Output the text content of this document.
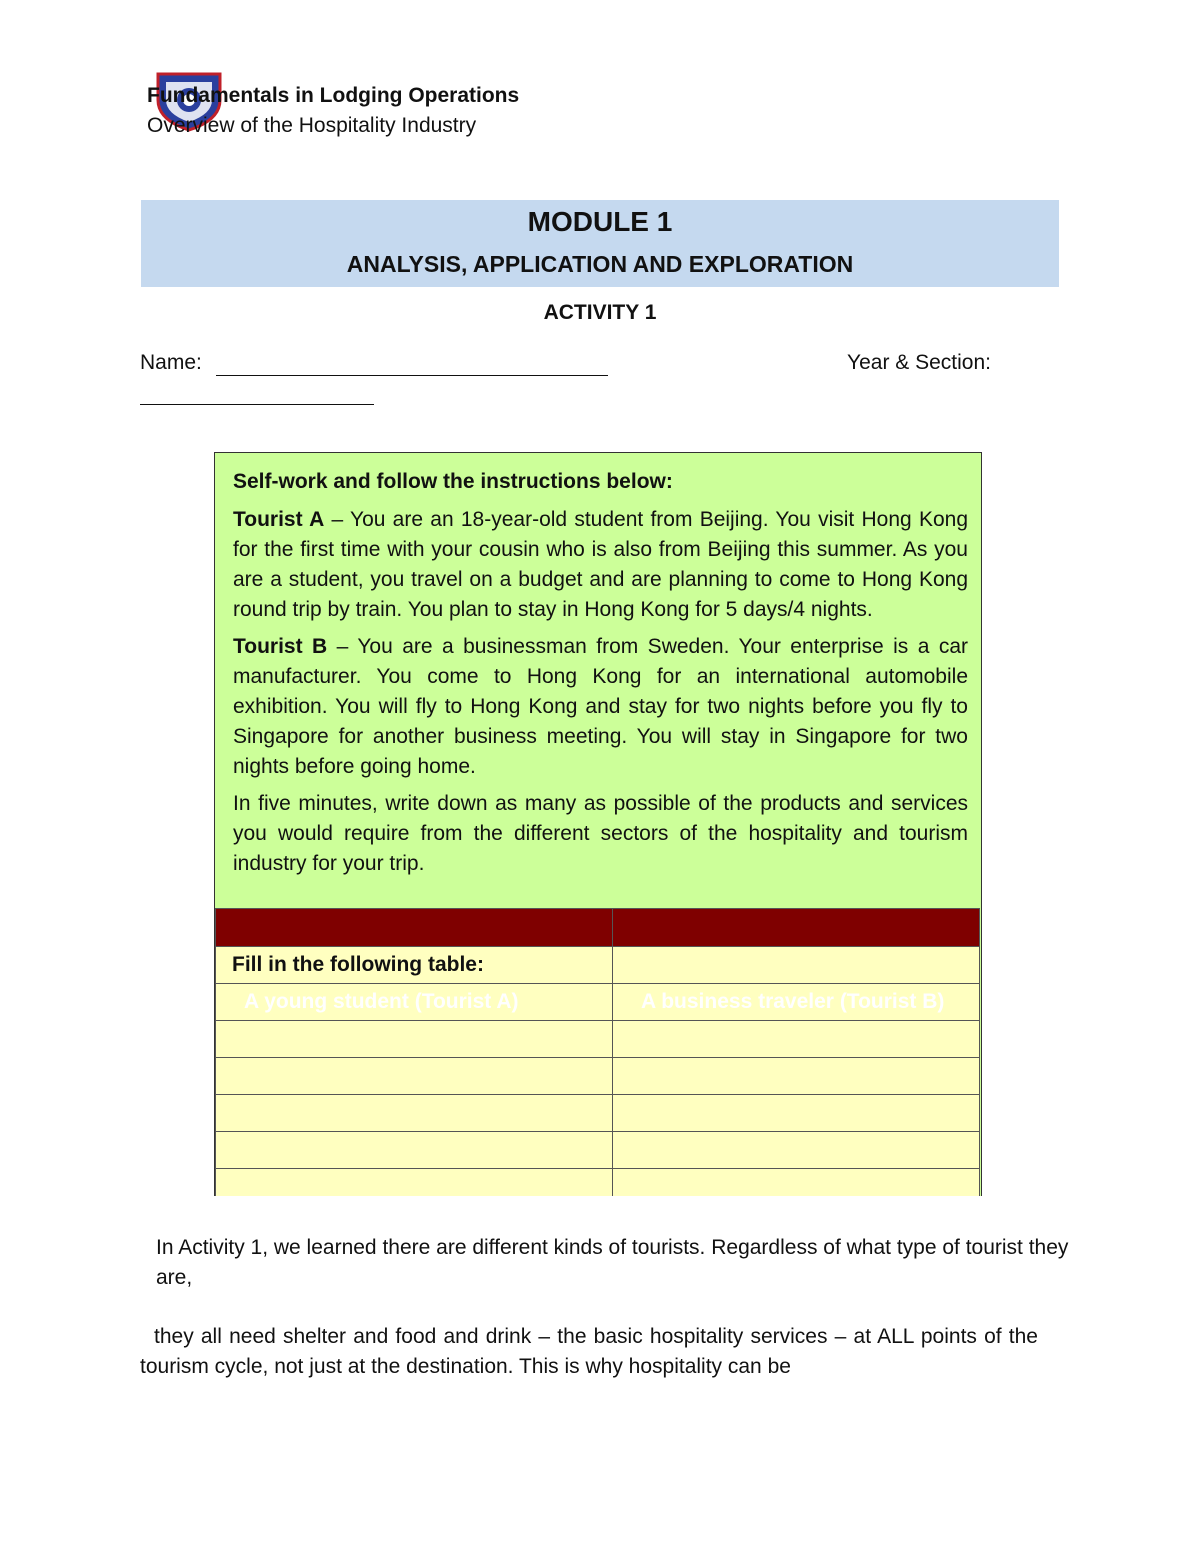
Fundamentals in Lodging Operations
Overview of the Hospitality Industry
MODULE 1
ANALYSIS, APPLICATION AND EXPLORATION
ACTIVITY 1
Name:	Year & Section:

Self-work and follow the instructions below:

Tourist A – You are an 18-year-old student from Beijing. You visit Hong Kong for the first time with your cousin who is also from Beijing this summer. As you are a student, you travel on a budget and are planning to come to Hong Kong round trip by train. You plan to stay in Hong Kong for 5 days/4 nights.

Tourist B – You are a businessman from Sweden. Your enterprise is a car manufacturer. You come to Hong Kong for an international automobile exhibition. You will fly to Hong Kong and stay for two nights before you fly to Singapore for another business meeting. You will stay in Singapore for two nights before going home.

In five minutes, write down as many as possible of the products and services you would require from the different sectors of the hospitality and tourism industry for your trip.

Fill in the following table:	
A young student (Tourist A)	A business traveler (Tourist B)

In Activity 1, we learned there are different kinds of tourists. Regardless of what type of tourist they are,

they all need shelter and food and drink – the basic hospitality services – at ALL points of the tourism cycle, not just at the destination. This is why hospitality can be
